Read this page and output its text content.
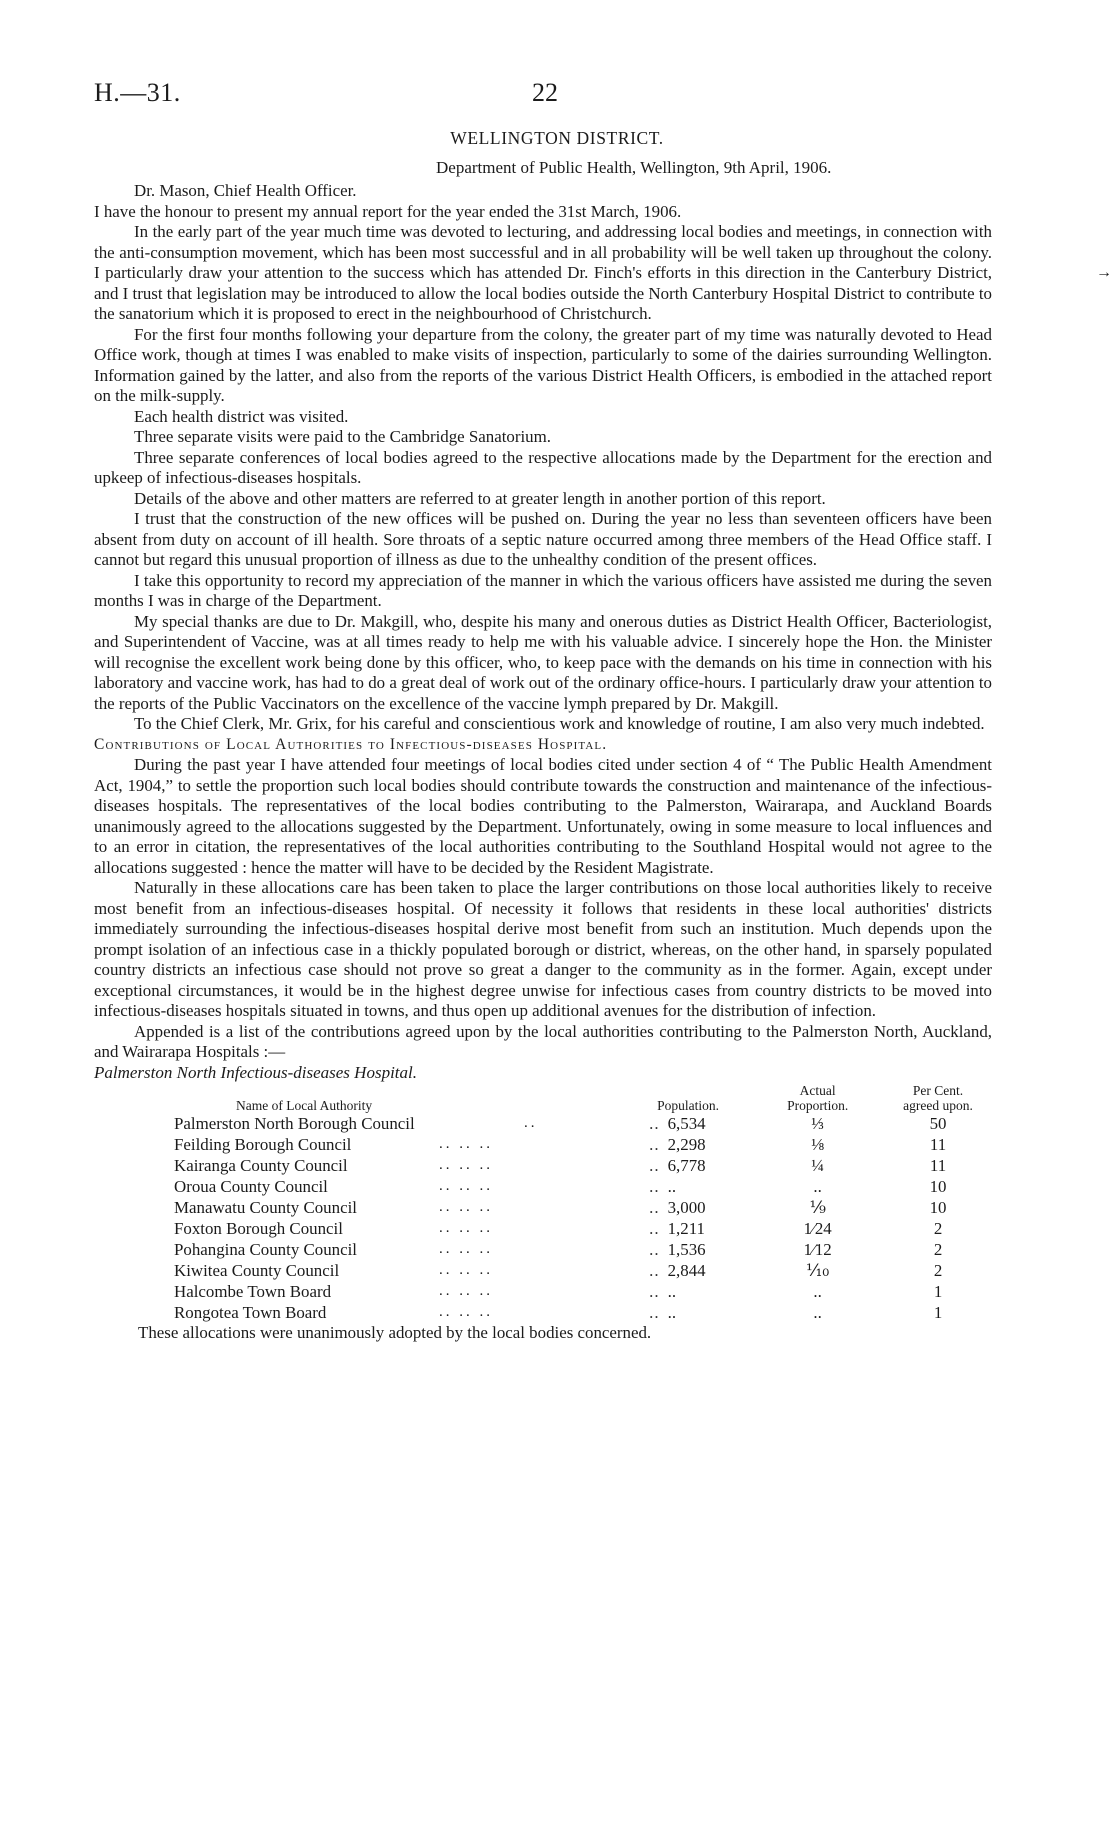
H.—31.	22
→
WELLINGTON DISTRICT.
Department of Public Health, Wellington, 9th April, 1906.

Dr. Mason, Chief Health Officer.

I have the honour to present my annual report for the year ended the 31st March, 1906.

In the early part of the year much time was devoted to lecturing, and addressing local bodies and meetings, in connection with the anti-consumption movement, which has been most successful and in all probability will be well taken up throughout the colony. I particularly draw your attention to the success which has attended Dr. Finch's efforts in this direction in the Canterbury District, and I trust that legislation may be introduced to allow the local bodies outside the North Canterbury Hospital District to contribute to the sanatorium which it is proposed to erect in the neighbourhood of Christchurch.

For the first four months following your departure from the colony, the greater part of my time was naturally devoted to Head Office work, though at times I was enabled to make visits of inspection, particularly to some of the dairies surrounding Wellington. Information gained by the latter, and also from the reports of the various District Health Officers, is embodied in the attached report on the milk-supply.

Each health district was visited.

Three separate visits were paid to the Cambridge Sanatorium.

Three separate conferences of local bodies agreed to the respective allocations made by the Department for the erection and upkeep of infectious-diseases hospitals.

Details of the above and other matters are referred to at greater length in another portion of this report.

I trust that the construction of the new offices will be pushed on. During the year no less than seventeen officers have been absent from duty on account of ill health. Sore throats of a septic nature occurred among three members of the Head Office staff. I cannot but regard this unusual proportion of illness as due to the unhealthy condition of the present offices.

I take this opportunity to record my appreciation of the manner in which the various officers have assisted me during the seven months I was in charge of the Department.

My special thanks are due to Dr. Makgill, who, despite his many and onerous duties as District Health Officer, Bacteriologist, and Superintendent of Vaccine, was at all times ready to help me with his valuable advice. I sincerely hope the Hon. the Minister will recognise the excellent work being done by this officer, who, to keep pace with the demands on his time in connection with his laboratory and vaccine work, has had to do a great deal of work out of the ordinary office-hours. I particularly draw your attention to the reports of the Public Vaccinators on the excellence of the vaccine lymph prepared by Dr. Makgill.

To the Chief Clerk, Mr. Grix, for his careful and conscientious work and knowledge of routine, I am also very much indebted.

Contributions of Local Authorities to Infectious-diseases Hospital.

During the past year I have attended four meetings of local bodies cited under section 4 of “ The Public Health Amendment Act, 1904,” to settle the proportion such local bodies should contribute towards the construction and maintenance of the infectious-diseases hospitals. The representatives of the local bodies contributing to the Palmerston, Wairarapa, and Auckland Boards unanimously agreed to the allocations suggested by the Department. Unfortunately, owing in some measure to local influences and to an error in citation, the representatives of the local authorities contributing to the Southland Hospital would not agree to the allocations suggested : hence the matter will have to be decided by the Resident Magistrate.

Naturally in these allocations care has been taken to place the larger contributions on those local authorities likely to receive most benefit from an infectious-diseases hospital. Of necessity it follows that residents in these local authorities' districts immediately surrounding the infectious-diseases hospital derive most benefit from such an institution. Much depends upon the prompt isolation of an infectious case in a thickly populated borough or district, whereas, on the other hand, in sparsely populated country districts an infectious case should not prove so great a danger to the community as in the former. Again, except under exceptional circumstances, it would be in the highest degree unwise for infectious cases from country districts to be moved into infectious-diseases hospitals situated in towns, and thus open up additional avenues for the distribution of infection.

Appended is a list of the contributions agreed upon by the local authorities contributing to the Palmerston North, Auckland, and Wairarapa Hospitals :—

Palmerston North Infectious-diseases Hospital.

Name of Local Authority	Population.	Actual
Proportion.	Per Cent.
agreed upon.
Palmerston North Borough Council ..	.. 6,534	⅓	50
Feilding Borough Council .. .. ..	.. 2,298	⅛	11
Kairanga County Council .. .. ..	.. 6,778	¼	11
Oroua County Council .. .. ..	.. ..	..	10
Manawatu County Council .. .. ..	.. 3,000	⅑	10
Foxton Borough Council .. .. ..	.. 1,211	1⁄24	2
Pohangina County Council .. .. ..	.. 1,536	1⁄12	2
Kiwitea County Council .. .. ..	.. 2,844	⅒	2
Halcombe Town Board .. .. ..	.. ..	..	1
Rongotea Town Board .. .. ..	.. ..	..	1

These allocations were unanimously adopted by the local bodies concerned.
